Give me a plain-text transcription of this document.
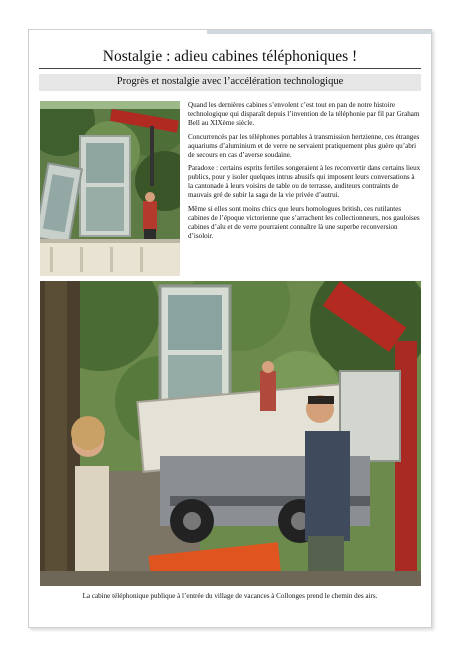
Nostalgie : adieu cabines téléphoniques !
Progrès et nostalgie avec l’accélération technologique

Quand les dernières cabines s’envolent c’est tout en pan de notre histoire technologique qui disparaît depuis l’invention de la téléphonie par fil par Graham Bell au XIXème siècle.

Concurrencés par les téléphones portables à transmission hertzienne, ces étranges aquariums d’aluminium et de verre ne servaient pratiquement plus guère qu’abri de secours en cas d’averse soudaine.

Paradoxe : certains esprits fertiles songeraient à les reconvertir dans certains lieux publics, pour y isoler quelques intrus abusifs qui imposent leurs conversations à la cantonade à leurs voisins de table ou de terrasse, auditeurs contraints de mauvais gré de subir la saga de la vie privée d’autrui.

Même si elles sont moins chics que leurs homologues british, ces rutilantes cabines de l’époque victorienne que s’arrachent les collectionneurs, nos gauloises cabines d’alu et de verre pourraient connaître là une superbe reconversion d’isoloir.

La cabine téléphonique publique à l’entrée du village de vacances à Collonges prend le chemin des airs.
